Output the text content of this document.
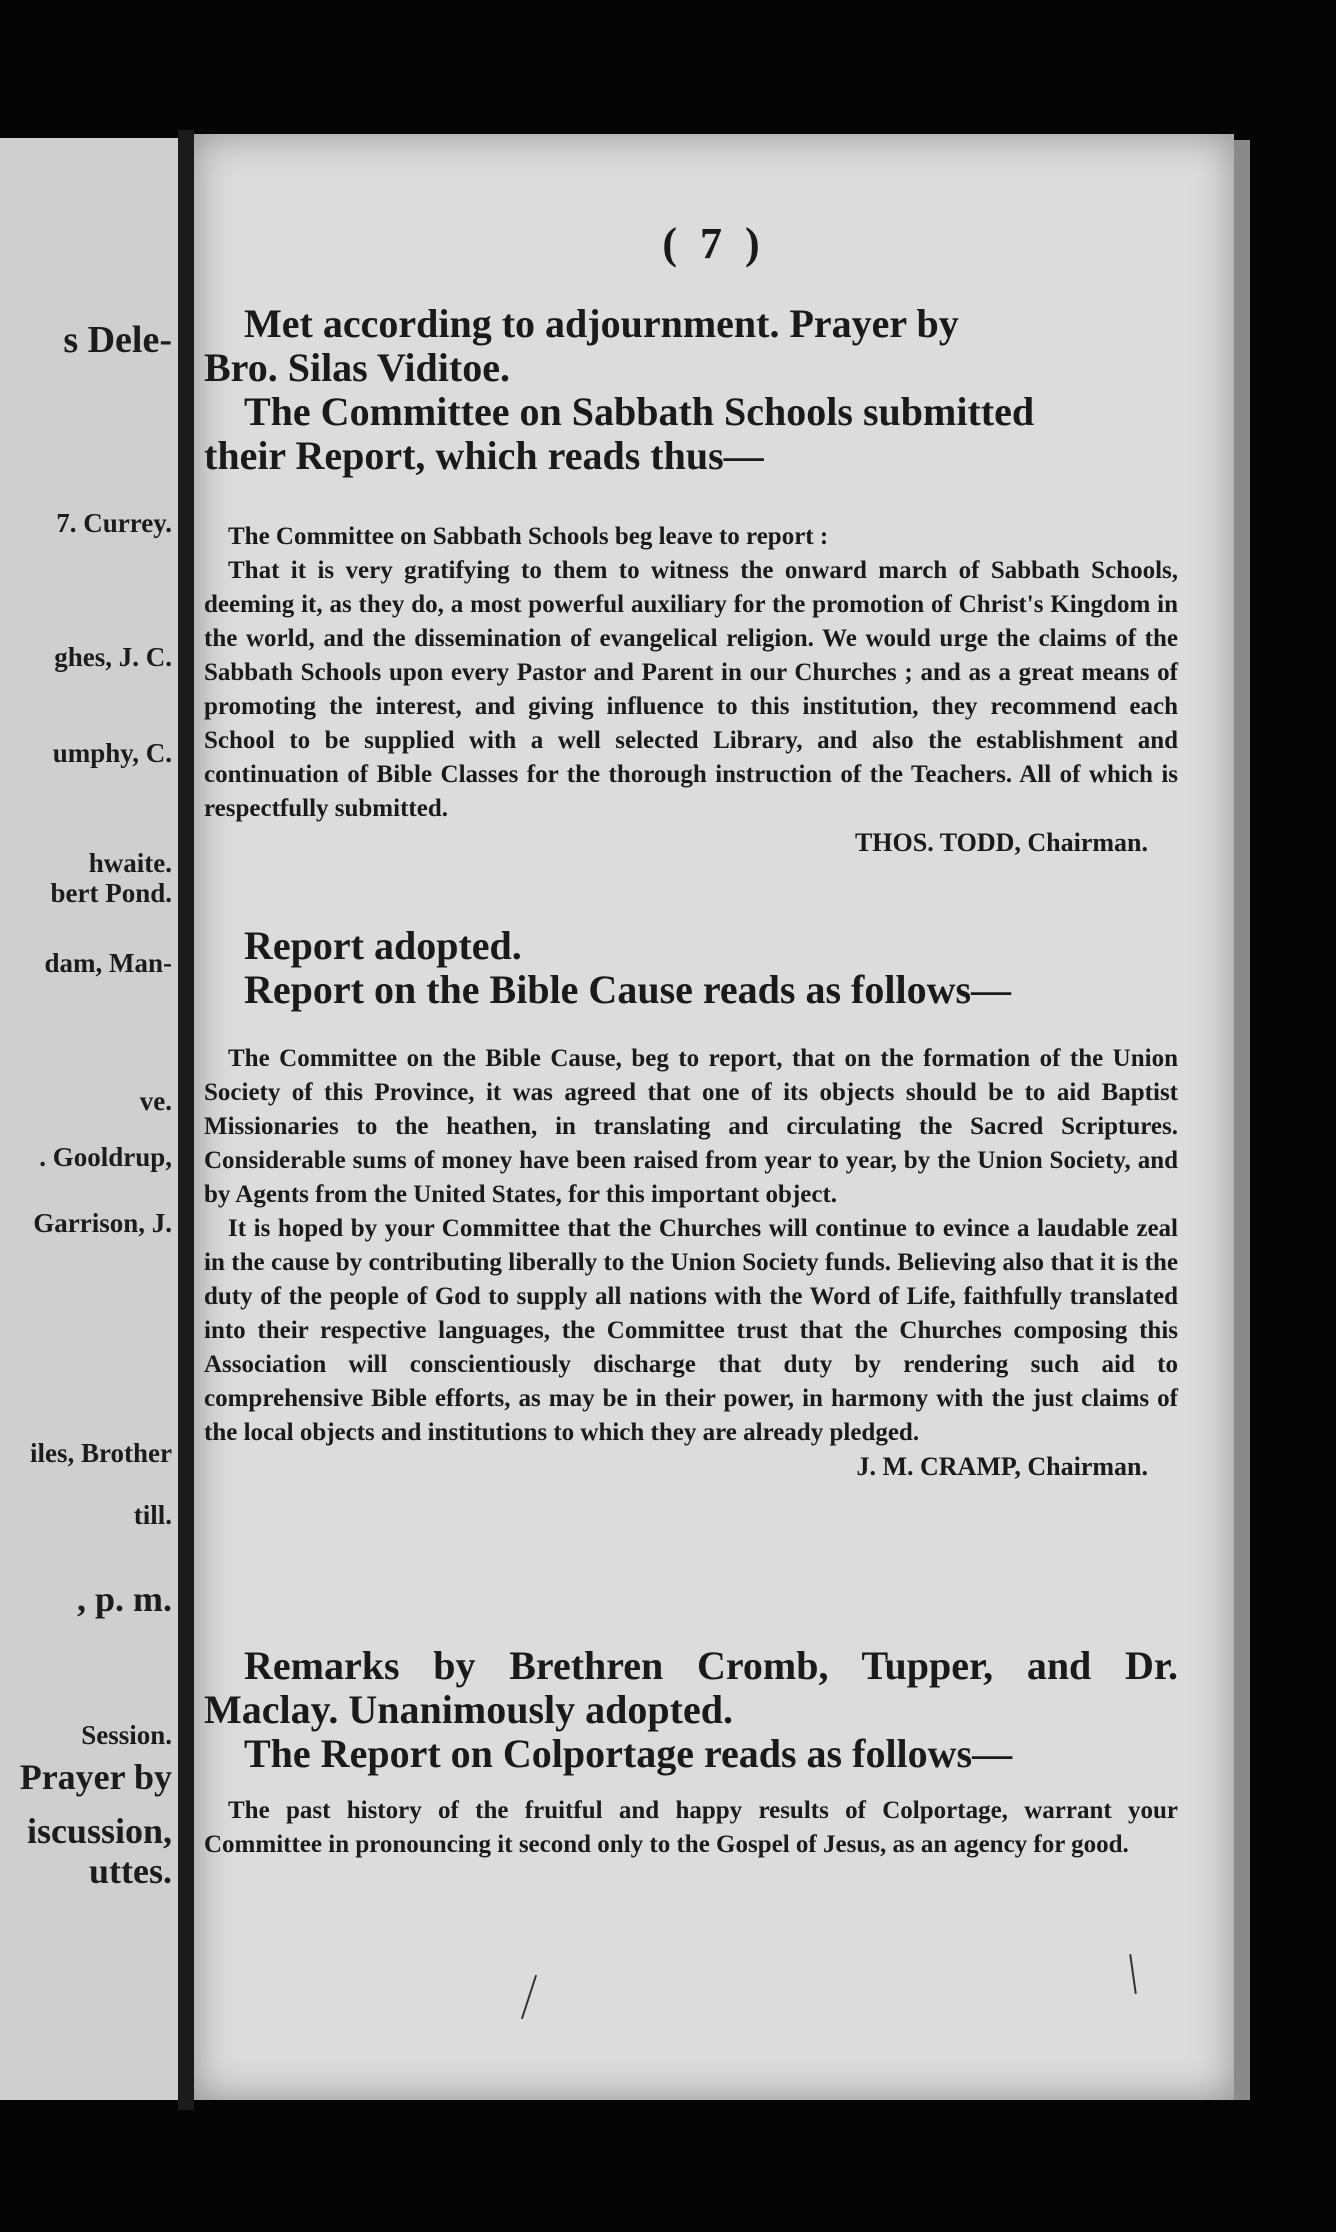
s Dele-
7. Currey.
ghes, J. C.
umphy, C.
hwaite.
bert Pond.
dam, Man-
ve.
. Gooldrup,
Garrison, J.
iles, Brother
till.
, p. m.
Session.
Prayer by
iscussion,
uttes.
( 7 )

Met according to adjournment. Prayer by

Bro. Silas Viditoe.

The Committee on Sabbath Schools submitted

their Report, which reads thus—

The Committee on Sabbath Schools beg leave to report :

That it is very gratifying to them to witness the onward march of Sabbath Schools, deeming it, as they do, a most powerful auxiliary for the promotion of Christ's Kingdom in the world, and the dissemination of evangelical religion. We would urge the claims of the Sabbath Schools upon every Pastor and Parent in our Churches ; and as a great means of promoting the interest, and giving influence to this institution, they recommend each School to be supplied with a well selected Library, and also the establishment and continuation of Bible Classes for the thorough instruction of the Teachers. All of which is respectfully submitted.

THOS. TODD, Chairman.

Report adopted.

Report on the Bible Cause reads as follows—

The Committee on the Bible Cause, beg to report, that on the formation of the Union Society of this Province, it was agreed that one of its objects should be to aid Baptist Missionaries to the heathen, in translating and circulating the Sacred Scriptures. Considerable sums of money have been raised from year to year, by the Union Society, and by Agents from the United States, for this important object.

It is hoped by your Committee that the Churches will continue to evince a laudable zeal in the cause by contributing liberally to the Union Society funds. Believing also that it is the duty of the people of God to supply all nations with the Word of Life, faithfully translated into their respective languages, the Committee trust that the Churches composing this Association will conscientiously discharge that duty by rendering such aid to comprehensive Bible efforts, as may be in their power, in harmony with the just claims of the local objects and institutions to which they are already pledged.

J. M. CRAMP, Chairman.

Remarks by Brethren Cromb, Tupper, and Dr. Maclay. Unanimously adopted.

The Report on Colportage reads as follows—

The past history of the fruitful and happy results of Colportage, warrant your Committee in pronouncing it second only to the Gospel of Jesus, as an agency for good.
